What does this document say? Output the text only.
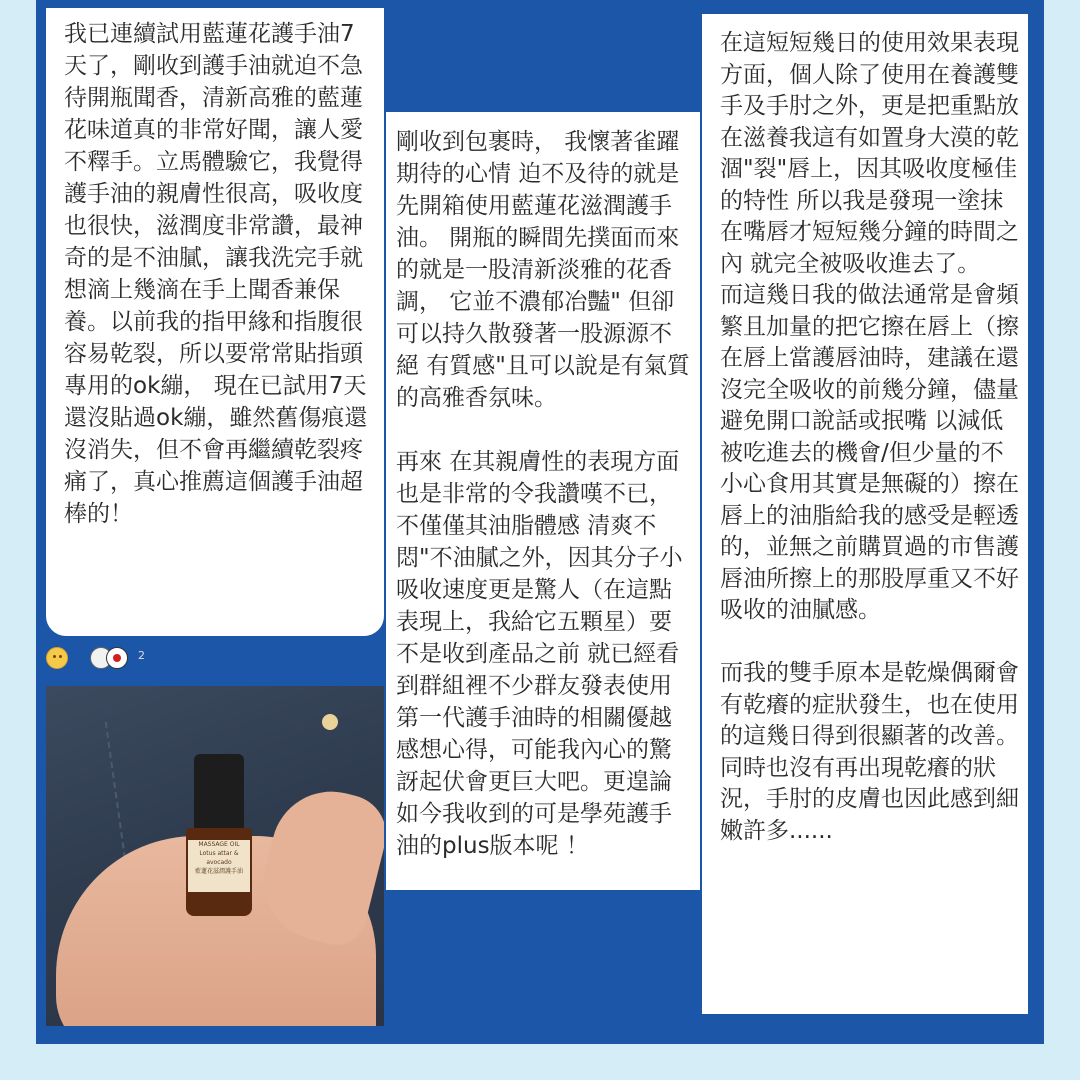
我已連續試用藍蓮花護手油7天了，剛收到護手油就迫不急待開瓶聞香，清新高雅的藍蓮花味道真的非常好聞，讓人愛不釋手。立馬體驗它，我覺得護手油的親膚性很高，吸收度也很快，滋潤度非常讚，最神奇的是不油膩，讓我洗完手就想滴上幾滴在手上聞香兼保養。以前我的指甲緣和指腹很容易乾裂，所以要常常貼指頭專用的ok繃， 現在已試用7天還沒貼過ok繃，雖然舊傷痕還沒消失，但不會再繼續乾裂疼痛了，真心推薦這個護手油超棒的！
2
MASSAGE OIL
Lotus attar & avocado
藍蓮花滋潤護手油
剛收到包裹時， 我懷著雀躍期待的心情 迫不及待的就是先開箱使用藍蓮花滋潤護手油。 開瓶的瞬間先撲面而來的就是一股清新淡雅的花香調， 它並不濃郁冶豔" 但卻可以持久散發著一股源源不絕 有質感"且可以說是有氣質的高雅香氛味。

再來 在其親膚性的表現方面 也是非常的令我讚嘆不已， 不僅僅其油脂體感 清爽不悶"不油膩之外，因其分子小 吸收速度更是驚人（在這點表現上，我給它五顆星）要不是收到產品之前 就已經看到群組裡不少群友發表使用第一代護手油時的相關優越感想心得，可能我內心的驚訝起伏會更巨大吧。更遑論 如今我收到的可是學苑護手油的plus版本呢 ！
在這短短幾日的使用效果表現方面，個人除了使用在養護雙手及手肘之外，更是把重點放在滋養我這有如置身大漠的乾涸"裂"唇上，因其吸收度極佳的特性 所以我是發現一塗抹在嘴唇才短短幾分鐘的時間之內 就完全被吸收進去了。
而這幾日我的做法通常是會頻繁且加量的把它擦在唇上（擦在唇上當護唇油時，建議在還沒完全吸收的前幾分鐘，儘量避免開口說話或抿嘴 以減低被吃進去的機會/但少量的不小心食用其實是無礙的）擦在唇上的油脂給我的感受是輕透的，並無之前購買過的市售護唇油所擦上的那股厚重又不好吸收的油膩感。

而我的雙手原本是乾燥偶爾會有乾癢的症狀發生，也在使用的這幾日得到很顯著的改善。同時也沒有再出現乾癢的狀況，手肘的皮膚也因此感到細嫩許多......
